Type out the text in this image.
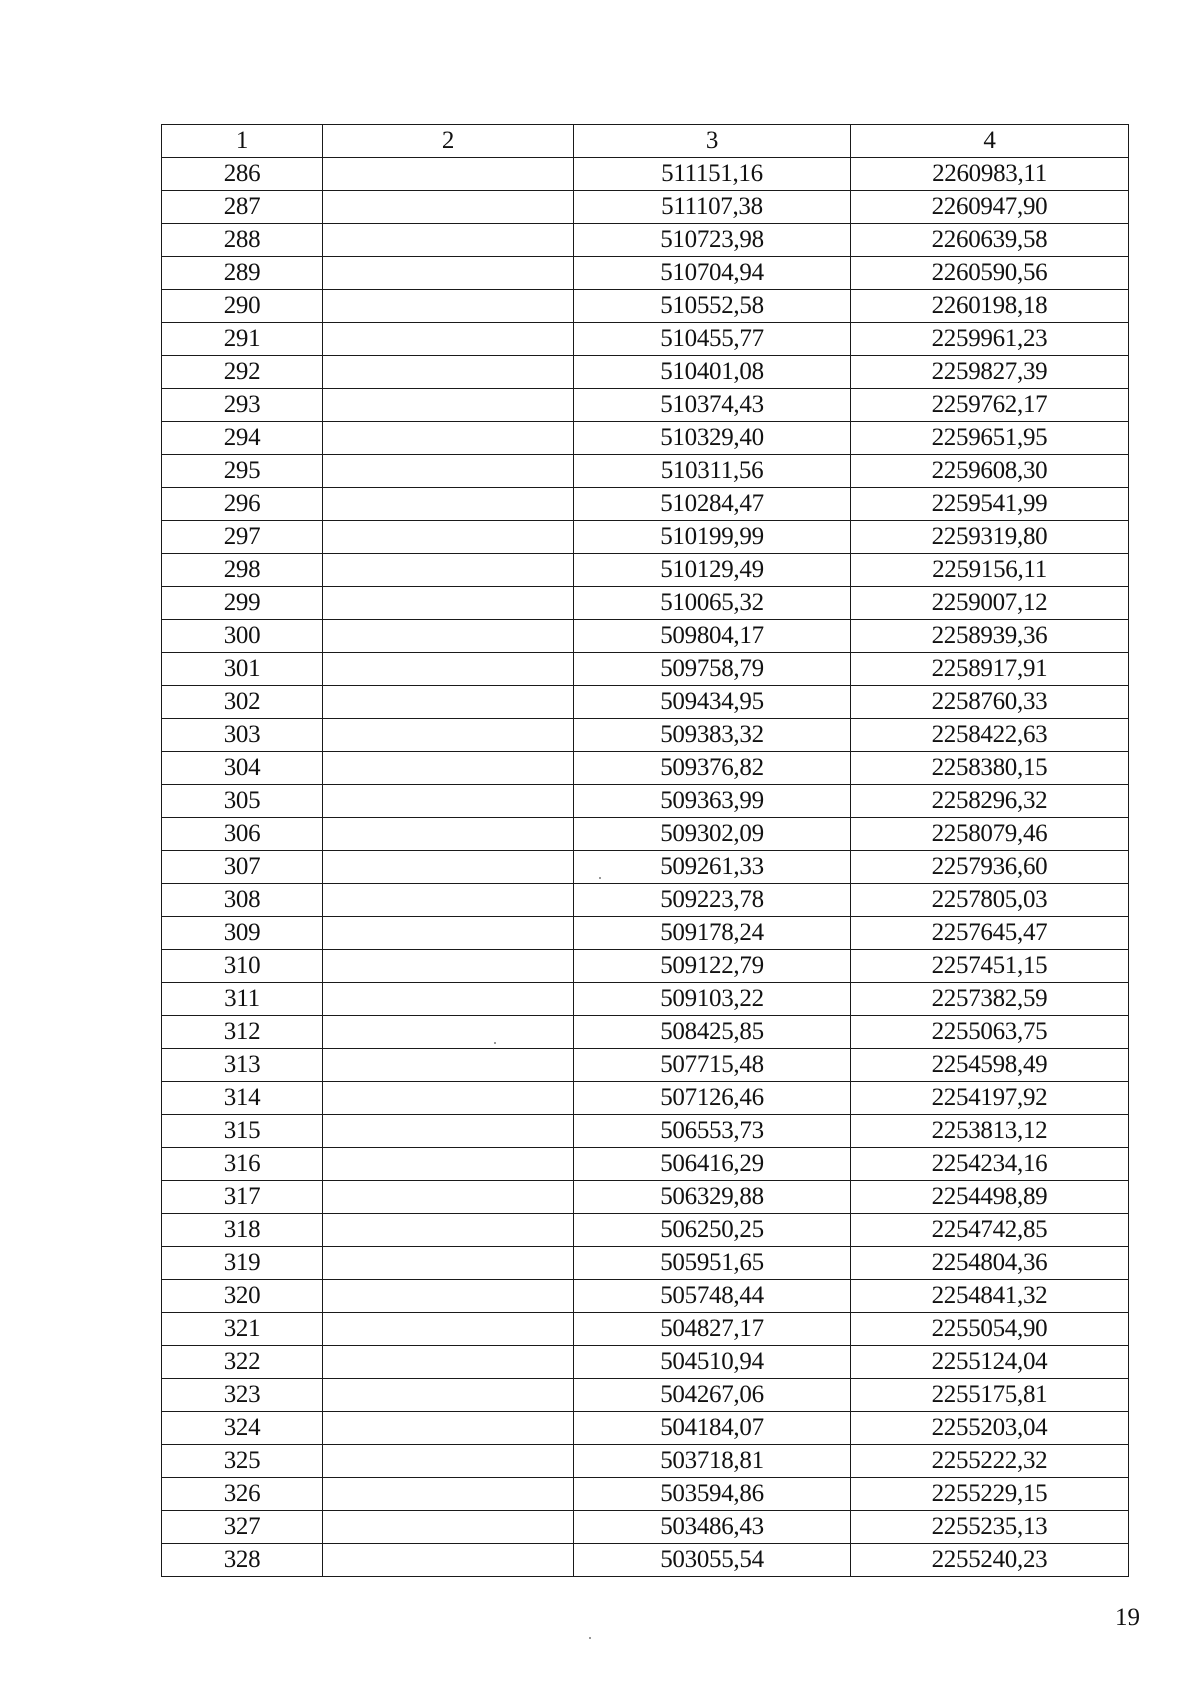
1	2	3	4
286		511151,16	2260983,11
287		511107,38	2260947,90
288		510723,98	2260639,58
289		510704,94	2260590,56
290		510552,58	2260198,18
291		510455,77	2259961,23
292		510401,08	2259827,39
293		510374,43	2259762,17
294		510329,40	2259651,95
295		510311,56	2259608,30
296		510284,47	2259541,99
297		510199,99	2259319,80
298		510129,49	2259156,11
299		510065,32	2259007,12
300		509804,17	2258939,36
301		509758,79	2258917,91
302		509434,95	2258760,33
303		509383,32	2258422,63
304		509376,82	2258380,15
305		509363,99	2258296,32
306		509302,09	2258079,46
307		509261,33	2257936,60
308		509223,78	2257805,03
309		509178,24	2257645,47
310		509122,79	2257451,15
311		509103,22	2257382,59
312		508425,85	2255063,75
313		507715,48	2254598,49
314		507126,46	2254197,92
315		506553,73	2253813,12
316		506416,29	2254234,16
317		506329,88	2254498,89
318		506250,25	2254742,85
319		505951,65	2254804,36
320		505748,44	2254841,32
321		504827,17	2255054,90
322		504510,94	2255124,04
323		504267,06	2255175,81
324		504184,07	2255203,04
325		503718,81	2255222,32
326		503594,86	2255229,15
327		503486,43	2255235,13
328		503055,54	2255240,23
19
